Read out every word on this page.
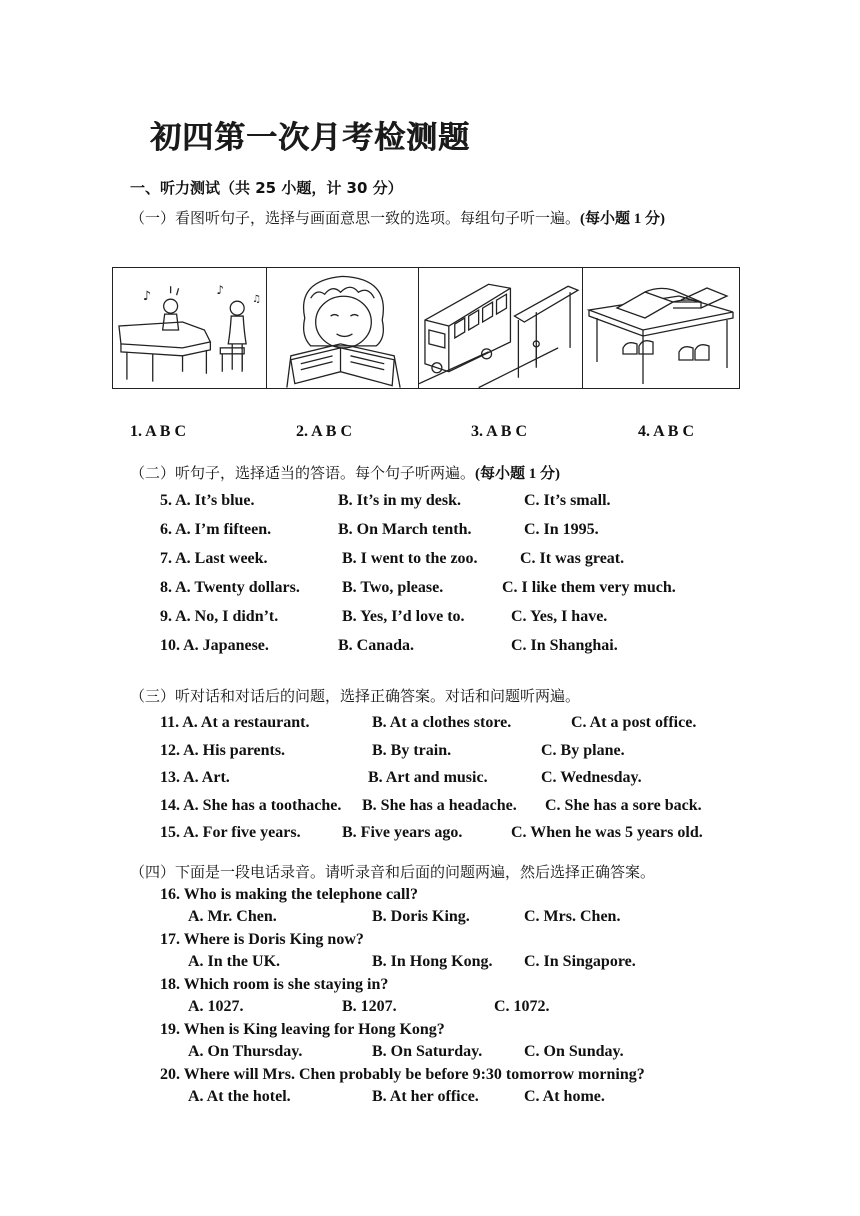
初四第一次月考检测题
一、听力测试（共 25 小题，计 30 分）
（一）看图听句子，选择与画面意思一致的选项。每组句子听一遍。(每小题 1 分)
♪	♪
♫
1. A B C	2. A B C	3. A B C	4. A B C
（二）听句子，选择适当的答语。每个句子听两遍。(每小题 1 分)
5. A. It’s blue.	B. It’s in my desk.	C. It’s small.
6. A. I’m fifteen.	B. On March tenth.	C. In 1995.
7. A. Last week.	B. I went to the zoo.	C. It was great.
8. A. Twenty dollars.	B. Two, please.	C. I like them very much.
9. A. No, I didn’t.	B. Yes, I’d love to.	C. Yes, I have.
10. A. Japanese.	B. Canada.	C. In Shanghai.
（三）听对话和对话后的问题，选择正确答案。对话和问题听两遍。
11. A. At a restaurant.	B. At a clothes store.	C. At a post office.
12. A. His parents.	B. By train.	C. By plane.
13. A. Art.	B. Art and music.	C. Wednesday.
14. A. She has a toothache. B. She has a headache. C. She has a sore back.
15. A. For five years.	B. Five years ago.	C. When he was 5 years old.
（四）下面是一段电话录音。请听录音和后面的问题两遍，然后选择正确答案。
16. Who is making the telephone call?
A. Mr. Chen.	B. Doris King.	C. Mrs. Chen.
17. Where is Doris King now?
A. In the UK.	B. In Hong Kong. C. In Singapore.
18. Which room is she staying in?
A. 1027.	B. 1207.	C. 1072.
19. When is King leaving for Hong Kong?
A. On Thursday.	B. On Saturday.	C. On Sunday.
20. Where will Mrs. Chen probably be before 9:30 tomorrow morning?
A. At the hotel.	B. At her office.	C. At home.
